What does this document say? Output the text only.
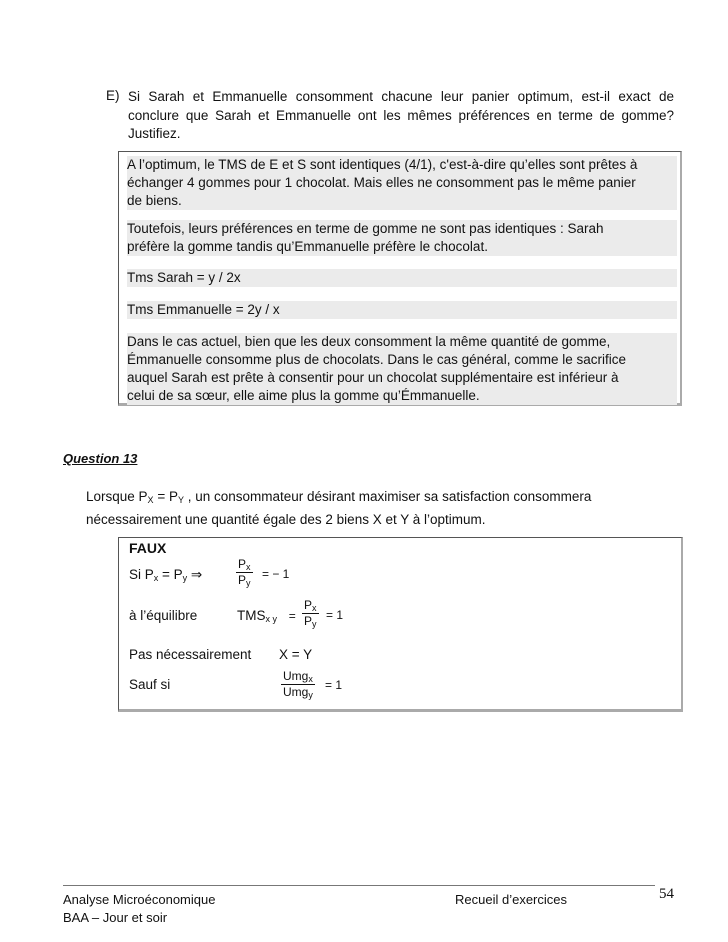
E) Si Sarah et Emmanuelle consomment chacune leur panier optimum, est-il exact de conclure que Sarah et Emmanuelle ont les mêmes préférences en terme de gomme? Justifiez.
A l’optimum, le TMS de E et S sont identiques (4/1), c'est-à-dire qu’elles sont prêtes à
échanger 4 gommes pour 1 chocolat. Mais elles ne consomment pas le même panier
de biens.
Toutefois, leurs préférences en terme de gomme ne sont pas identiques : Sarah
préfère la gomme tandis qu’Emmanuelle préfère le chocolat.
Tms Sarah = y / 2x
Tms Emmanuelle = 2y / x
Dans le cas actuel, bien que les deux consomment la même quantité de gomme,
Émmanuelle consomme plus de chocolats. Dans le cas général, comme le sacrifice
auquel Sarah est prête à consentir pour un chocolat supplémentaire est inférieur à
celui de sa sœur, elle aime plus la gomme qu’Émmanuelle.
Question 13
Lorsque $P_X = P_Y$ , un consommateur désirant maximiser sa satisfaction consommera
nécessairement une quantité égale des 2 biens X et Y à l’optimum.
FAUX
Si $P_x = P_y$ ⇒	$\frac{P_x}{P_y}$ = − 1
à l’équilibre	$TMS_{x y} = \frac{P_x}{P_y} = 1$
Pas nécessairement X = Y
Sauf si
Umg$_x$
Umg$_y$
= 1
Analyse Microéconomique
BAA – Jour et soir
Recueil d’exercices	54
